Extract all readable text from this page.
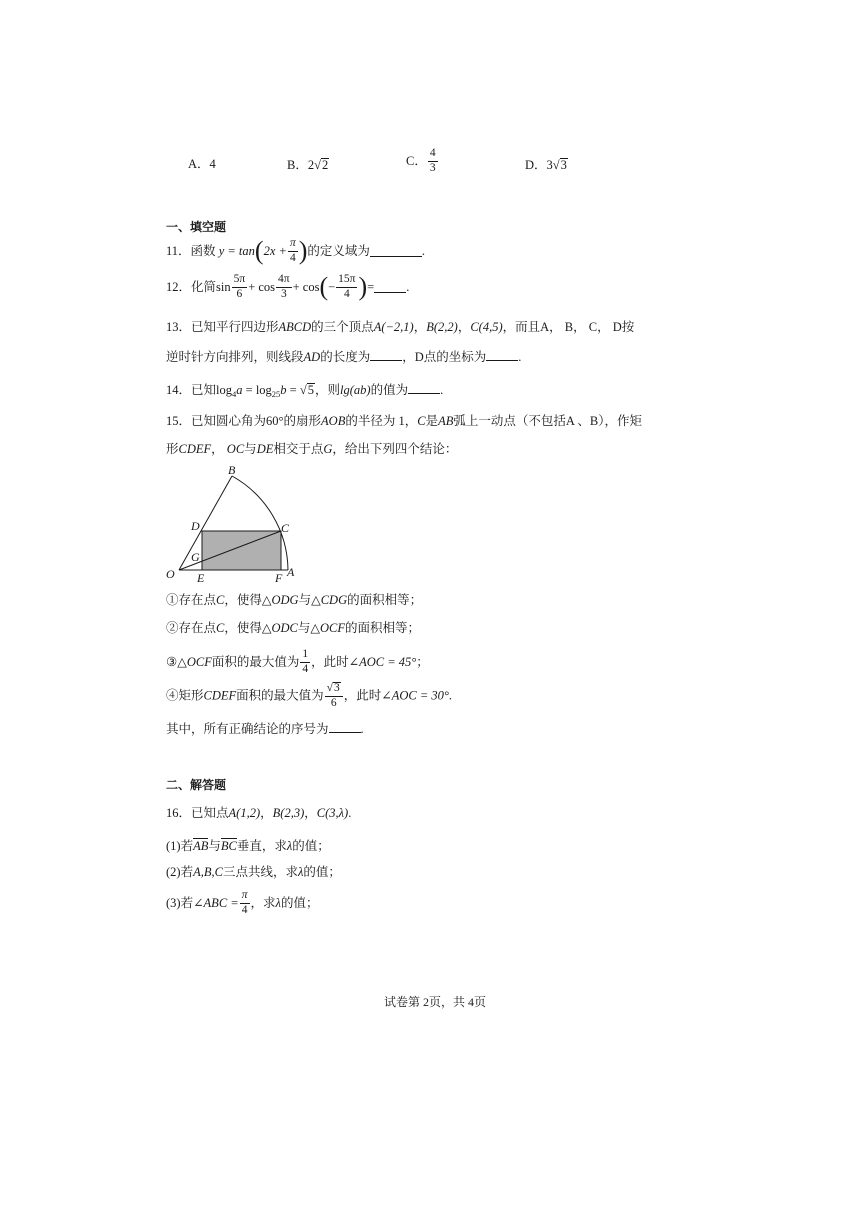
A．4	B．2√2	C． $\frac{4}{3}$	D．3√3
一、填空题
11．函数 $y = \tan(2x + \frac{\pi}{4}$ )的定义域为	.
12．化简$\sin \frac{5\pi}{6} + \cos \frac{4\pi}{3} + \cos(- \frac{15\pi}{4}$ )=	.
13．已知平行四边形ABCD的三个顶点A(−2,1)，B(2,2)，C(4,5)，而且A， B， C， D按
逆时针方向排列，则线段AD的长度为	，D点的坐标为	.
14．已知$\log_4a = \log_{25}b = √5$，则lg(ab)的值为	.
15．已知圆心角为60°的扇形AOB的半径为 1，C是AB弧上一动点（不包括A 、B），作矩
形CDEF， OC与DE相交于点G，给出下列四个结论：
B
D	C
G
O E	F A
①存在点C，使得△ODG与△CDG的面积相等；
②存在点C，使得△ODC与△OCF的面积相等；
③△OCF面积的最大值为 $\frac{1}{4}$ ，此时∠AOC = 45°；
④矩形CDEF面积的最大值为 $\frac{√3}{6}$ ，此时∠AOC = 30°.
其中，所有正确结论的序号为	.
二、解答题
16．已知点A(1,2)，B(2,3)，C(3,λ).
(1)若AB与BC垂直，求λ的值；
(2)若A,B,C三点共线，求λ的值；
(3)若∠ABC = $\frac{\pi}{4}$ ，求λ的值；
试卷第 2页，共 4页
